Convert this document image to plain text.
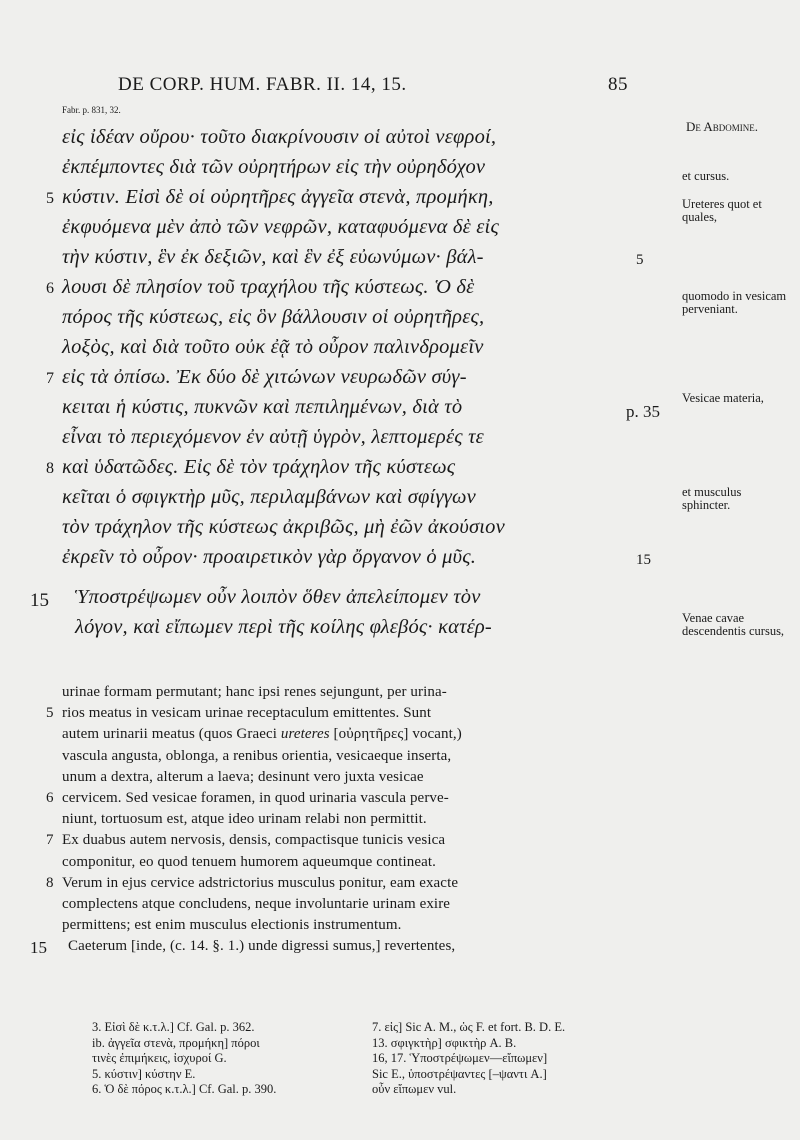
DE CORP. HUM. FABR. II. 14, 15.	85
Fabr. p. 831, 32.
εἰς ἰδέαν οὔρου· τοῦτο διακρίνουσιν οἱ αὐτοὶ νεφροί,
ἐκπέμποντες διὰ τῶν οὐρητήρων εἰς τὴν οὐρηδόχον
κύστιν. Εἰσὶ δὲ οἱ οὐρητῆρες ἀγγεῖα στενὰ, προμήκη,
5
ἐκφυόμενα μὲν ἀπὸ τῶν νεφρῶν, καταφυόμενα δὲ εἰς
τὴν κύστιν, ἓν ἐκ δεξιῶν, καὶ ἓν ἐξ εὐωνύμων· βάλ-	5
λουσι δὲ πλησίον τοῦ τραχήλου τῆς κύστεως. Ὁ δὲ
6
πόρος τῆς κύστεως, εἰς ὃν βάλλουσιν οἱ οὐρητῆρες,
λοξὸς, καὶ διὰ τοῦτο οὐκ ἐᾷ τὸ οὖρον παλινδρομεῖν
εἰς τὰ ὀπίσω. Ἐκ δύο δὲ χιτώνων νευρωδῶν σύγ-
7
κειται ἡ κύστις, πυκνῶν καὶ πεπιλημένων, διὰ τὸ	p. 35
εἶναι τὸ περιεχόμενον ἐν αὐτῇ ὑγρὸν, λεπτομερές τε
καὶ ὑδατῶδες. Εἰς δὲ τὸν τράχηλον τῆς κύστεως
8
κεῖται ὁ σφιγκτὴρ μῦς, περιλαμβάνων καὶ σφίγγων
τὸν τράχηλον τῆς κύστεως ἀκριβῶς, μὴ ἐῶν ἀκούσιον
ἐκρεῖν τὸ οὖρον· προαιρετικὸν γὰρ ὄργανον ὁ μῦς.	15
Ὑποστρέψωμεν οὖν λοιπὸν ὅθεν ἀπελείπομεν τὸν
15
λόγον, καὶ εἴπωμεν περὶ τῆς κοίλης φλεβός· κατέρ-
De Abdomine.
et cursus.
Ureteres quot et quales,
quomodo in vesicam perveniant.
Vesicae materia,
et musculus sphincter.
Venae cavae descendentis cursus,
urinae formam permutant; hanc ipsi renes sejungunt, per urina-
rios meatus in vesicam urinae receptaculum emittentes. Sunt
5
autem urinarii meatus (quos Graeci ureteres [οὐρητῆρες] vocant,)
vascula angusta, oblonga, a renibus orientia, vesicaeque inserta,
unum a dextra, alterum a laeva; desinunt vero juxta vesicae
cervicem. Sed vesicae foramen, in quod urinaria vascula perve-
6
niunt, tortuosum est, atque ideo urinam relabi non permittit.
Ex duabus autem nervosis, densis, compactisque tunicis vesica
7
componitur, eo quod tenuem humorem aqueumque contineat.
Verum in ejus cervice adstrictorius musculus ponitur, eam exacte
8
complectens atque concludens, neque involuntarie urinam exire
permittens; est enim musculus electionis instrumentum.
Caeterum [inde, (c. 14. §. 1.) unde digressi sumus,] revertentes,
15
3. Εἰσὶ δὲ κ.τ.λ.] Cf. Gal. p. 362.
ib. ἀγγεῖα στενὰ, προμήκη] πόροι
τινὲς ἐπιμήκεις, ἰσχυροί G.
5. κύστιν] κύστην E.
6. Ὁ δὲ πόρος κ.τ.λ.] Cf. Gal. p. 390.
7. εἰς] Sic A. M., ὡς F. et fort. B. D. E.
13. σφιγκτὴρ] σφικτὴρ A. B.
16, 17. Ὑποστρέψωμεν—εἴπωμεν]
Sic E., ὑποστρέψαντες [–ψαντι A.]
οὖν εἴπωμεν vul.
